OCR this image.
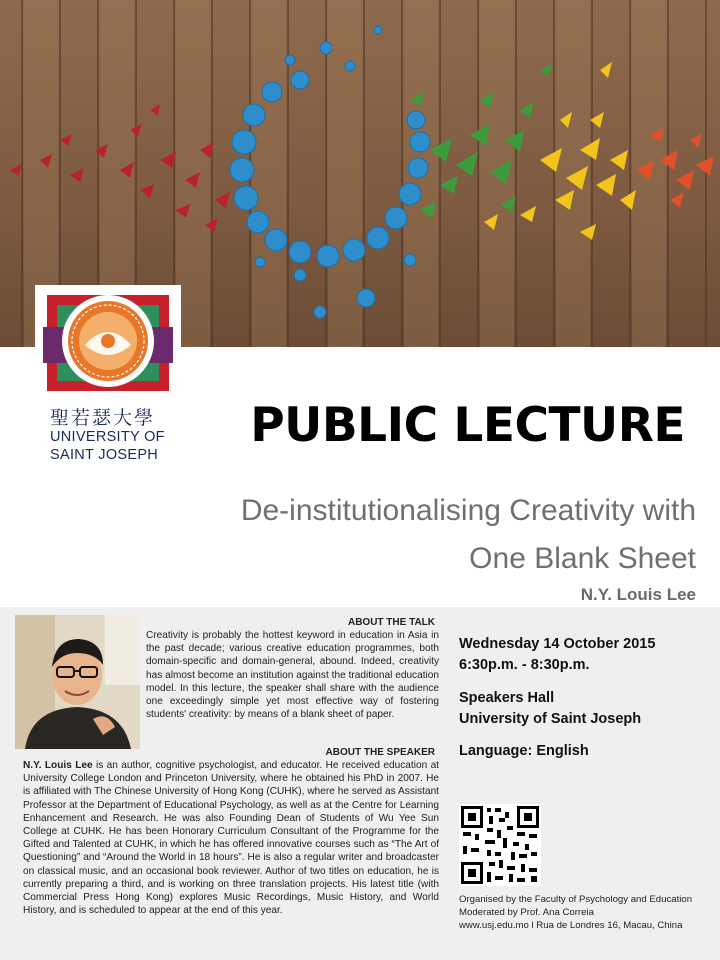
聖若瑟大學
UNIVERSITY OF
SAINT JOSEPH
PUBLIC LECTURE
De-institutionalising Creativity with
One Blank Sheet
N.Y. Louis Lee
ABOUT THE TALK
Creativity is probably the hottest keyword in education in Asia in the past decade; various creative education programmes, both domain-specific and domain-general, abound. Indeed, creativity has almost become an institution against the traditional education model. In this lecture, the speaker shall share with the audience one exceedingly simple yet most effective way of fostering students' creativity: by means of a blank sheet of paper.
ABOUT THE SPEAKER
N.Y. Louis Lee is an author, cognitive psychologist, and educator. He received education at University College London and Princeton University, where he obtained his PhD in 2007. He is affiliated with The Chinese University of Hong Kong (CUHK), where he served as Assistant Professor at the Department of Educational Psychology, as well as at the Centre for Learning Enhancement and Research. He was also Founding Dean of Students of Wu Yee Sun College at CUHK. He has been Honorary Curriculum Consultant of the Programme for the Gifted and Talented at CUHK, in which he has offered innovative courses such as “The Art of Questioning” and “Around the World in 18 hours”. He is also a regular writer and broadcaster on classical music, and an occasional book reviewer. Author of two titles on education, he is currently preparing a third, and is working on three translation projects. His latest title (with Commercial Press Hong Kong) explores Music Recordings, Music History, and World History, and is scheduled to appear at the end of this year.
Wednesday 14 October 2015
6:30p.m. - 8:30p.m.
Speakers Hall
University of Saint Joseph
Language: English
Organised by the Faculty of Psychology and Education
Moderated by Prof. Ana Correia
www.usj.edu.mo l Rua de Londres 16, Macau, China
